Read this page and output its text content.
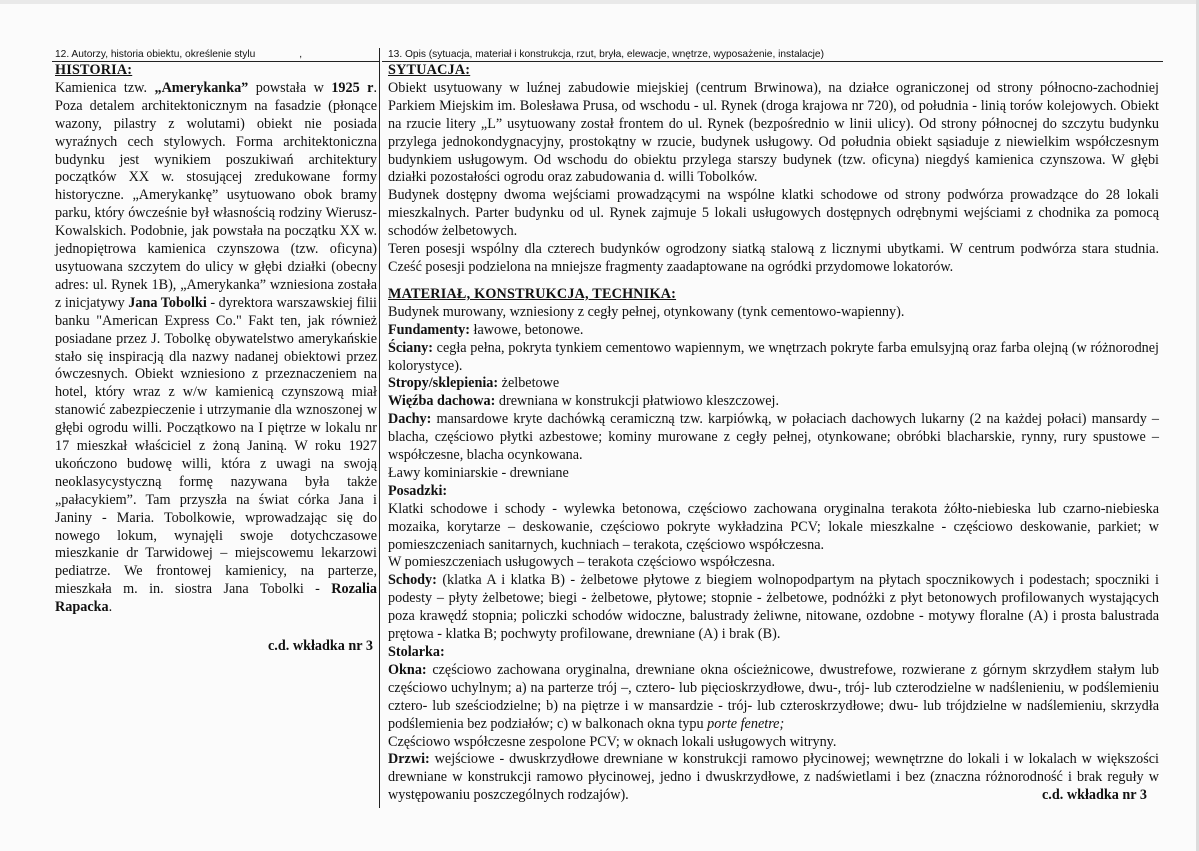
12. Autorzy, historia obiektu, określenie stylu	,
HISTORIA:

Kamienica tzw. „Amerykanka” powstała w 1925 r. Poza detalem architektonicznym na fasadzie (płonące wazony, pilastry z wolutami) obiekt nie posiada wyraźnych cech stylowych. Forma architektoniczna budynku jest wynikiem poszukiwań architektury początków XX w. stosującej zredukowane formy historyczne. „Amerykankę” usytuowano obok bramy parku, który ówcześnie był własnością rodziny Wierusz-Kowalskich. Podobnie, jak powstała na początku XX w. jednopiętrowa kamienica czynszowa (tzw. oficyna) usytuowana szczytem do ulicy w głębi działki (obecny adres: ul. Rynek 1B), „Amerykanka” wzniesiona została z inicjatywy Jana Tobolki - dyrektora warszawskiej filii banku "American Express Co." Fakt ten, jak również posiadane przez J. Tobolkę obywatelstwo amerykańskie stało się inspiracją dla nazwy nadanej obiektowi przez ówczesnych. Obiekt wzniesiono z przeznaczeniem na hotel, który wraz z w/w kamienicą czynszową miał stanowić zabezpieczenie i utrzymanie dla wznoszonej w głębi ogrodu willi. Początkowo na I piętrze w lokalu nr 17 mieszkał właściciel z żoną Janiną. W roku 1927 ukończono budowę willi, która z uwagi na swoją neoklasycystyczną formę nazywana była także „pałacykiem”. Tam przyszła na świat córka Jana i Janiny - Maria. Tobolkowie, wprowadzając się do nowego lokum, wynajęli swoje dotychczasowe mieszkanie dr Tarwidowej – miejscowemu lekarzowi pediatrze. We frontowej kamienicy, na parterze, mieszkała m. in. siostra Jana Tobolki - Rozalia Rapacka.

c.d. wkładka nr 3
13. Opis (sytuacja, materiał i konstrukcja, rzut, bryła, elewacje, wnętrze, wyposażenie, instalacje)
SYTUACJA:

Obiekt usytuowany w luźnej zabudowie miejskiej (centrum Brwinowa), na działce ograniczonej od strony północno-zachodniej Parkiem Miejskim im. Bolesława Prusa, od wschodu - ul. Rynek (droga krajowa nr 720), od południa - linią torów kolejowych. Obiekt na rzucie litery „L” usytuowany został frontem do ul. Rynek (bezpośrednio w linii ulicy). Od strony północnej do szczytu budynku przylega jednokondygnacyjny, prostokątny w rzucie, budynek usługowy. Od południa obiekt sąsiaduje z niewielkim współczesnym budynkiem usługowym. Od wschodu do obiektu przylega starszy budynek (tzw. oficyna) niegdyś kamienica czynszowa. W głębi działki pozostałości ogrodu oraz zabudowania d. willi Tobolków.

Budynek dostępny dwoma wejściami prowadzącymi na wspólne klatki schodowe od strony podwórza prowadzące do 28 lokali mieszkalnych. Parter budynku od ul. Rynek zajmuje 5 lokali usługowych dostępnych odrębnymi wejściami z chodnika za pomocą schodów żelbetowych.

Teren posesji wspólny dla czterech budynków ogrodzony siatką stalową z licznymi ubytkami. W centrum podwórza stara studnia. Cześć posesji podzielona na mniejsze fragmenty zaadaptowane na ogródki przydomowe lokatorów.

MATERIAŁ, KONSTRUKCJA, TECHNIKA:

Budynek murowany, wzniesiony z cegły pełnej, otynkowany (tynk cementowo-wapienny).

Fundamenty: ławowe, betonowe.

Ściany: cegła pełna, pokryta tynkiem cementowo wapiennym, we wnętrzach pokryte farba emulsyjną oraz farba olejną (w różnorodnej kolorystyce).

Stropy/sklepienia: żelbetowe

Więźba dachowa: drewniana w konstrukcji płatwiowo kleszczowej.

Dachy: mansardowe kryte dachówką ceramiczną tzw. karpiówką, w połaciach dachowych lukarny (2 na każdej połaci) mansardy – blacha, częściowo płytki azbestowe; kominy murowane z cegły pełnej, otynkowane; obróbki blacharskie, rynny, rury spustowe – współczesne, blacha ocynkowana.

Ławy kominiarskie - drewniane

Posadzki:

Klatki schodowe i schody - wylewka betonowa, częściowo zachowana oryginalna terakota żółto-niebieska lub czarno-niebieska mozaika, korytarze – deskowanie, częściowo pokryte wykładzina PCV; lokale mieszkalne - częściowo deskowanie, parkiet; w pomieszczeniach sanitarnych, kuchniach – terakota, częściowo współczesna.

W pomieszczeniach usługowych – terakota częściowo współczesna.

Schody: (klatka A i klatka B) - żelbetowe płytowe z biegiem wolnopodpartym na płytach spocznikowych i podestach; spoczniki i podesty – płyty żelbetowe; biegi - żelbetowe, płytowe; stopnie - żelbetowe, podnóżki z płyt betonowych profilowanych wystających poza krawędź stopnia; policzki schodów widoczne, balustrady żeliwne, nitowane, ozdobne - motywy floralne (A) i prosta balustrada prętowa - klatka B; pochwyty profilowane, drewniane (A) i brak (B).

Stolarka:

Okna: częściowo zachowana oryginalna, drewniane okna ościeżnicowe, dwustrefowe, rozwierane z górnym skrzydłem stałym lub częściowo uchylnym; a) na parterze trój –, cztero- lub pięcioskrzydłowe, dwu-, trój- lub czterodzielne w nadślenieniu, w podślemieniu cztero- lub sześciodzielne; b) na piętrze i w mansardzie - trój- lub czteroskrzydłowe; dwu- lub trójdzielne w nadślemieniu, skrzydła podślemienia bez podziałów; c) w balkonach okna typu porte fenetre;

Częściowo współczesne zespolone PCV; w oknach lokali usługowych witryny.

Drzwi: wejściowe - dwuskrzydłowe drewniane w konstrukcji ramowo płycinowej; wewnętrzne do lokali i w lokalach w większości drewniane w konstrukcji ramowo płycinowej, jedno i dwuskrzydłowe, z nadświetlami i bez (znaczna różnorodność i brak reguły w występowaniu poszczególnych rodzajów).	c.d. wkładka nr 3
